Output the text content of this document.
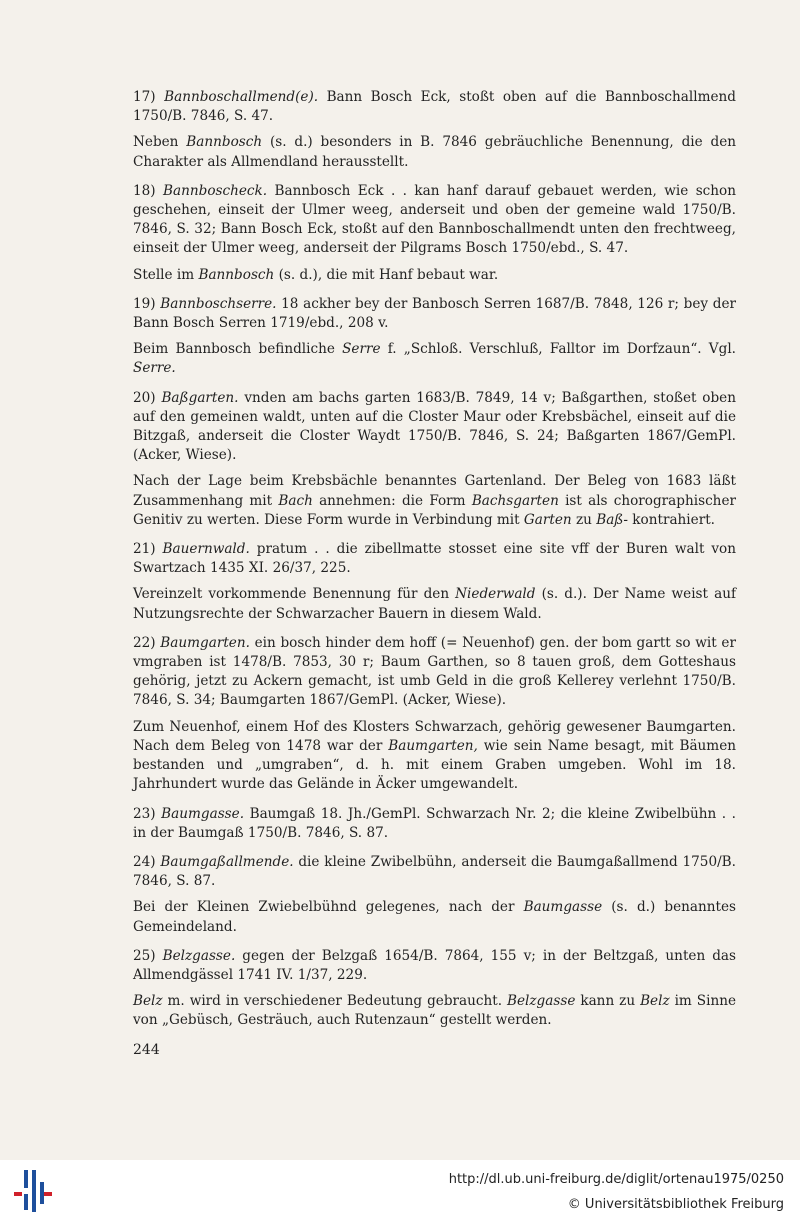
17) Bannboschallmend(e). Bann Bosch Eck, stoßt oben auf die Bannboschallmend 1750/B. 7846, S. 47.

Neben Bannbosch (s. d.) besonders in B. 7846 gebräuchliche Benennung, die den Charakter als Allmendland herausstellt.

18) Bannboscheck. Bannbosch Eck . . kan hanf darauf gebauet werden, wie schon geschehen, einseit der Ulmer weeg, anderseit und oben der gemeine wald 1750/B. 7846, S. 32; Bann Bosch Eck, stoßt auf den Bannboschallmendt unten den frechtweeg, einseit der Ulmer weeg, anderseit der Pilgrams Bosch 1750/ebd., S. 47.

Stelle im Bannbosch (s. d.), die mit Hanf bebaut war.

19) Bannboschserre. 18 ackher bey der Banbosch Serren 1687/B. 7848, 126 r; bey der Bann Bosch Serren 1719/ebd., 208 v.

Beim Bannbosch befindliche Serre f. „Schloß. Verschluß, Falltor im Dorfzaun“. Vgl. Serre.

20) Baßgarten. vnden am bachs garten 1683/B. 7849, 14 v; Baßgarthen, stoßet oben auf den gemeinen waldt, unten auf die Closter Maur oder Krebsbächel, einseit auf die Bitzgaß, anderseit die Closter Waydt 1750/B. 7846, S. 24; Baßgarten 1867/GemPl. (Acker, Wiese).

Nach der Lage beim Krebsbächle benanntes Gartenland. Der Beleg von 1683 läßt Zusammenhang mit Bach annehmen: die Form Bachsgarten ist als chorographischer Genitiv zu werten. Diese Form wurde in Verbindung mit Garten zu Baß- kontrahiert.

21) Bauernwald. pratum . . die zibellmatte stosset eine site vff der Buren walt von Swartzach 1435 XI. 26/37, 225.

Vereinzelt vorkommende Benennung für den Niederwald (s. d.). Der Name weist auf Nutzungsrechte der Schwarzacher Bauern in diesem Wald.

22) Baumgarten. ein bosch hinder dem hoff (= Neuenhof) gen. der bom gartt so wit er vmgraben ist 1478/B. 7853, 30 r; Baum Garthen, so 8 tauen groß, dem Gotteshaus gehörig, jetzt zu Ackern gemacht, ist umb Geld in die groß Kellerey verlehnt 1750/B. 7846, S. 34; Baumgarten 1867/GemPl. (Acker, Wiese).

Zum Neuenhof, einem Hof des Klosters Schwarzach, gehörig gewesener Baumgarten. Nach dem Beleg von 1478 war der Baumgarten, wie sein Name besagt, mit Bäumen bestanden und „umgraben“, d. h. mit einem Graben umgeben. Wohl im 18. Jahrhundert wurde das Gelände in Äcker umgewandelt.

23) Baumgasse. Baumgaß 18. Jh./GemPl. Schwarzach Nr. 2; die kleine Zwibelbühn . . in der Baumgaß 1750/B. 7846, S. 87.

24) Baumgaßallmende. die kleine Zwibelbühn, anderseit die Baumgaßallmend 1750/B. 7846, S. 87.

Bei der Kleinen Zwiebelbühnd gelegenes, nach der Baumgasse (s. d.) benanntes Gemeindeland.

25) Belzgasse. gegen der Belzgaß 1654/B. 7864, 155 v; in der Beltzgaß, unten das Allmendgässel 1741 IV. 1/37, 229.

Belz m. wird in verschiedener Bedeutung gebraucht. Belzgasse kann zu Belz im Sinne von „Gebüsch, Gesträuch, auch Rutenzaun“ gestellt werden.

244
http://dl.ub.uni-freiburg.de/diglit/ortenau1975/0250
© Universitätsbibliothek Freiburg
